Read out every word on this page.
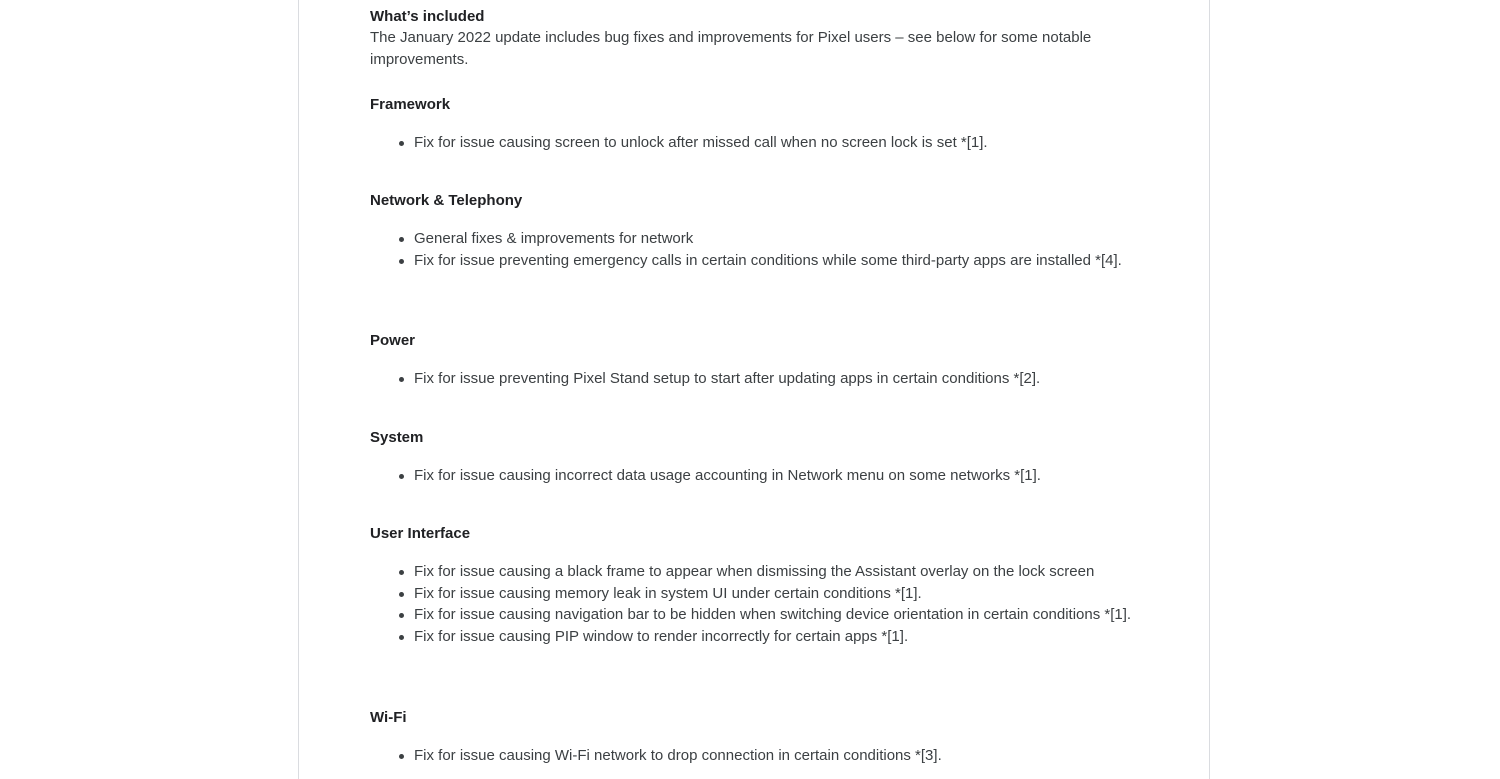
What’s included

The January 2022 update includes bug fixes and improvements for Pixel users – see below for some notable improvements.

Framework
Fix for issue causing screen to unlock after missed call when no screen lock is set *[1].
Network & Telephony
General fixes & improvements for network
Fix for issue preventing emergency calls in certain conditions while some third-party apps are installed *[4].
Power
Fix for issue preventing Pixel Stand setup to start after updating apps in certain conditions *[2].
System
Fix for issue causing incorrect data usage accounting in Network menu on some networks *[1].
User Interface
Fix for issue causing a black frame to appear when dismissing the Assistant overlay on the lock screen
Fix for issue causing memory leak in system UI under certain conditions *[1].
Fix for issue causing navigation bar to be hidden when switching device orientation in certain conditions *[1].
Fix for issue causing PIP window to render incorrectly for certain apps *[1].
Wi-Fi
Fix for issue causing Wi-Fi network to drop connection in certain conditions *[3].
